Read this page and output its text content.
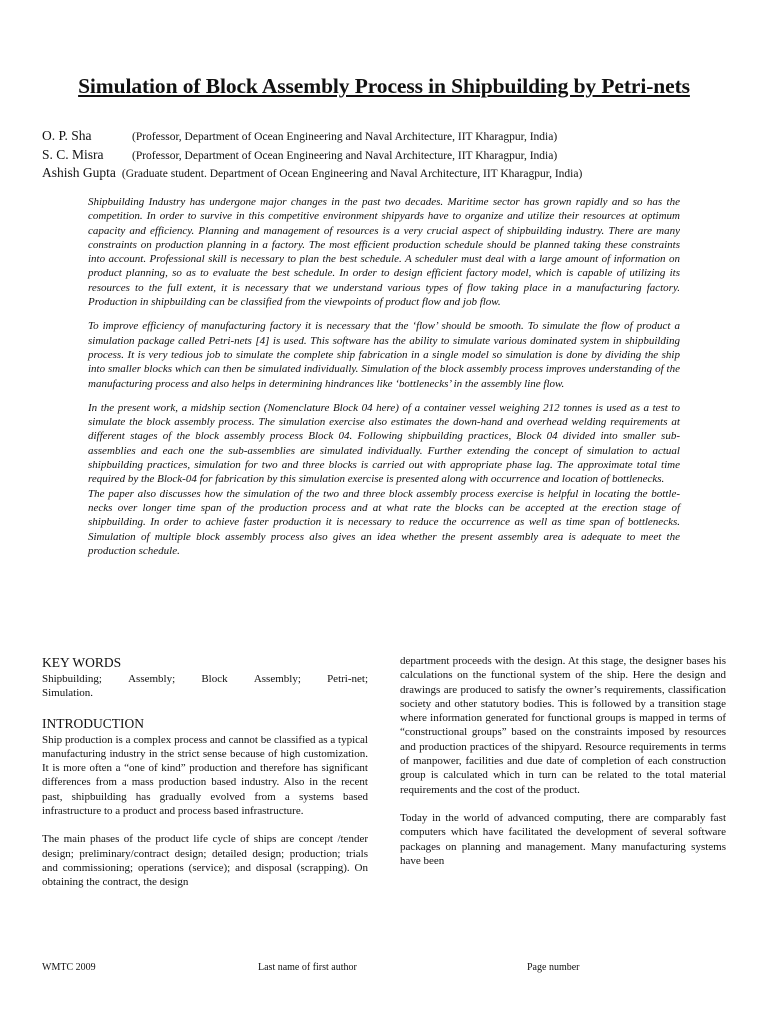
Simulation of Block Assembly Process in Shipbuilding by Petri-nets
O. P. Sha	(Professor, Department of Ocean Engineering and Naval Architecture, IIT Kharagpur, India)
S. C. Misra (Professor, Department of Ocean Engineering and Naval Architecture, IIT Kharagpur, India)
Ashish Gupta (Graduate student. Department of Ocean Engineering and Naval Architecture, IIT Kharagpur, India)

Shipbuilding Industry has undergone major changes in the past two decades. Maritime sector has grown rapidly and so has the competition. In order to survive in this competitive environment shipyards have to organize and utilize their resources at optimum capacity and efficiency. Planning and management of resources is a very crucial aspect of shipbuilding industry. There are many constraints on production planning in a factory. The most efficient production schedule should be planned taking these constraints into account. Professional skill is necessary to plan the best schedule. A scheduler must deal with a large amount of information on product planning, so as to evaluate the best schedule. In order to design efficient factory model, which is capable of utilizing its resources to the full extent, it is necessary that we understand various types of flow taking place in a manufacturing factory. Production in shipbuilding can be classified from the viewpoints of product flow and job flow.

To improve efficiency of manufacturing factory it is necessary that the ‘flow’ should be smooth. To simulate the flow of product a simulation package called Petri-nets [4] is used. This software has the ability to simulate various dominated system in shipbuilding process. It is very tedious job to simulate the complete ship fabrication in a single model so simulation is done by dividing the ship into smaller blocks which can then be simulated individually. Simulation of the block assembly process improves understanding of the manufacturing process and also helps in determining hindrances like ‘bottlenecks’ in the assembly line flow.

In the present work, a midship section (Nomenclature Block 04 here) of a container vessel weighing 212 tonnes is used as a test to simulate the block assembly process. The simulation exercise also estimates the down-hand and overhead welding requirements at different stages of the block assembly process Block 04. Following shipbuilding practices, Block 04 divided into smaller sub-assemblies and each one the sub-assemblies are simulated individually. Further extending the concept of simulation to actual shipbuilding practices, simulation for two and three blocks is carried out with appropriate phase lag. The approximate total time required by the Block-04 for fabrication by this simulation exercise is presented along with occurrence and location of bottlenecks.

The paper also discusses how the simulation of the two and three block assembly process exercise is helpful in locating the bottle-necks over longer time span of the production process and at what rate the blocks can be accepted at the erection stage of shipbuilding. In order to achieve faster production it is necessary to reduce the occurrence as well as time span of bottlenecks. Simulation of multiple block assembly process also gives an idea whether the present assembly area is adequate to meet the production schedule.

KEY WORDS
Shipbuilding; Assembly; Block Assembly; Petri-net;
Simulation.
INTRODUCTION

Ship production is a complex process and cannot be classified as a typical manufacturing industry in the strict sense because of high customization. It is more often a “one of kind” production and therefore has significant differences from a mass production based industry. Also in the recent past, shipbuilding has gradually evolved from a systems based infrastructure to a product and process based infrastructure.

The main phases of the product life cycle of ships are concept /tender design; preliminary/contract design; detailed design; production; trials and commissioning; operations (service); and disposal (scrapping). On obtaining the contract, the design

department proceeds with the design. At this stage, the designer bases his calculations on the functional system of the ship. Here the design and drawings are produced to satisfy the owner’s requirements, classification society and other statutory bodies. This is followed by a transition stage where information generated for functional groups is mapped in terms of “constructional groups” based on the constraints imposed by resources and production practices of the shipyard. Resource requirements in terms of manpower, facilities and due date of completion of each construction group is calculated which in turn can be related to the total material requirements and the cost of the product.

Today in the world of advanced computing, there are comparably fast computers which have facilitated the development of several software packages on planning and management. Many manufacturing systems have been

WMTC 2009	Last name of first author	Page number
